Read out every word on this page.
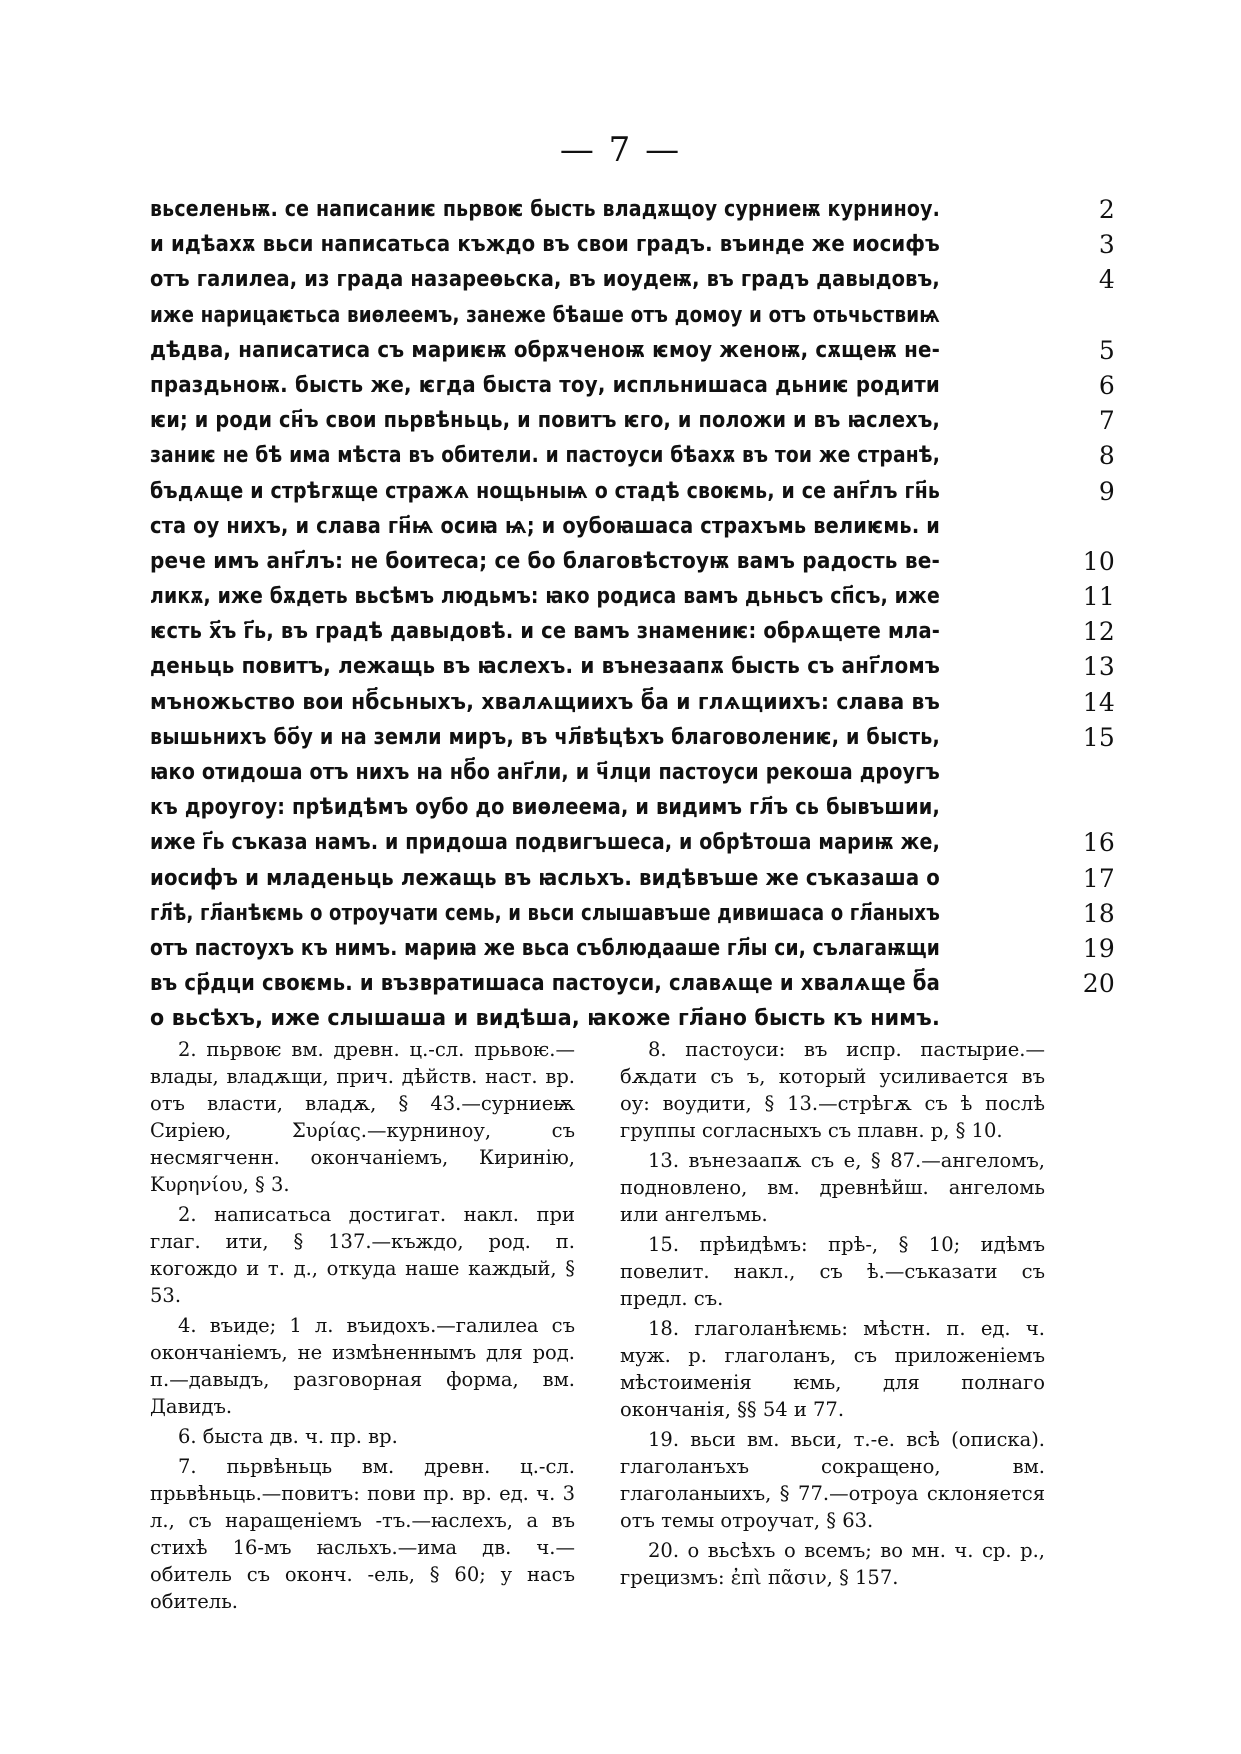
— 7 —
вьселеньѭ. се написаниѥ пьрвоѥ бысть владѫщоу сурниеѭ курниноу.	2
и идѣахѫ вьси написатьса къждо въ свои градъ. въинде же иосифъ	3
отъ галилеа, из града назареѳьска, въ иоудеѭ, въ градъ давыдовъ,	4
иже нарицаѥтьса виѳлеемъ, занеже бѣаше отъ домоу и отъ отьчьствиѩ
дѣдва, написатиса съ мариѥѭ обрѫченоѭ ѥмоу женоѭ, сѫщеѭ не-	5
праздьноѭ. бысть же, ѥгда быста тоу, испльнишаса дьниѥ родити	6
ѥи; и роди сн҃ъ свои пьрвѣньць, и повитъ ѥго, и положи и въ ꙗслехъ,	7
заниѥ не бѣ има мѣста въ обители. и пастоуси бѣахѫ въ тои же странѣ,	8
бъдѧще и стрѣгѫще стражѧ нощьныѩ о стадѣ своѥмь, и се анг҃лъ гн҃ь	9
ста оу нихъ, и слава гн҃ѩ осиꙗ ѩ; и оубоꙗшаса страхъмь велиѥмь. и
рече имъ анг҃лъ: не боитеса; се бо благовѣстоуѭ вамъ радость ве-	10
ликѫ, иже бѫдеть вьсѣмъ людьмъ: ꙗко родиса вамъ дьньсъ сп҃съ, иже	11
ѥсть х҃ъ г҃ь, въ градѣ давыдовѣ. и се вамъ знамениѥ: обрѧщете мла-	12
деньць повитъ, лежащь въ ꙗслехъ. и вънезаапѫ бысть съ анг҃ломъ	13
мъножьство вои нб҃сьныхъ, хвалѧщиихъ б҃а и глѧщиихъ: слава въ	14
вышьнихъ бо҃у и на земли миръ, въ чл҃вѣцѣхъ благоволениѥ, и бысть,	15
ꙗко отидоша отъ нихъ на нб҃о анг҃ли, и ч҃лци пастоуси рекоша дроугъ
къ дроугоу: прѣидѣмъ оубо до виѳлеема, и видимъ гл҃ъ сь бывъшии,
иже г҃ь съказа намъ. и придоша подвигъшеса, и обрѣтоша мариѭ же,	16
иосифъ и младеньць лежащь въ ꙗсльхъ. видѣвъше же съказаша о	17
гл҃ѣ, гл҃анѣѥмь о отроучати семь, и вьси слышавъше дивишаса о гл҃аныхъ	18
отъ пастоухъ къ нимъ. мариꙗ же вьса съблюдааше гл҃ы си, сълагаѭщи	19
въ ср҃дци своѥмь. и възвратишаса пастоуси, славѧще и хвалѧще б҃а	20
о вьсѣхъ, иже слышаша и видѣша, ꙗкоже гл҃ано бысть къ нимъ.

2. пьрвоѥ вм. древн. ц.-сл. прьвоѥ.— влады, владѫщи, прич. дѣйств. наст. вр. отъ власти, владѫ, § 43.—сурниеѭ Сиріею, Συρίας.—курниноу, съ несмягченн. окончаніемъ, Киринію, Κυρηνίου, § 3.

2. написатьса достигат. накл. при глаг. ити, § 137.—къждо, род. п. когождо и т. д., откуда наше каждый, § 53.

4. въиде; 1 л. въидохъ.—галилеа съ окончаніемъ, не измѣненнымъ для род. п.—давыдъ, разговорная форма, вм. Давидъ.

6. быста дв. ч. пр. вр.

7. пьрвѣньць вм. древн. ц.-сл. прьвѣньць.—повитъ: пови пр. вр. ед. ч. 3 л., съ наращеніемъ -тъ.—ꙗслехъ, а въ стихѣ 16-мъ ꙗсльхъ.—има дв. ч.—обитель съ оконч. -ель, § 60; у насъ обитель.

8. пастоуси: въ испр. пастырие.— бѫдати съ ъ, который усиливается въ оу: воудити, § 13.—стрѣгѫ съ ѣ послѣ группы согласныхъ съ плавн. р, § 10.

13. вънезаапѫ съ е, § 87.—ангеломъ, подновлено, вм. древнѣйш. ангеломь или ангелъмь.

15. прѣидѣмъ: прѣ-, § 10; идѣмъ повелит. накл., съ ѣ.—съказати съ предл. съ.

18. глаголанѣѥмь: мѣстн. п. ед. ч. муж. р. глаголанъ, съ приложеніемъ мѣстоименія ѥмь, для полнаго окончанія, §§ 54 и 77.

19. вьси вм. вьси, т.-е. всѣ (описка). глаголанъхъ сокращено, вм. глаголаныихъ, § 77.—отроуа склоняется отъ темы отроучат, § 63.

20. о вьсѣхъ о всемъ; во мн. ч. ср. р., грецизмъ: ἐπὶ πᾶσιν, § 157.
